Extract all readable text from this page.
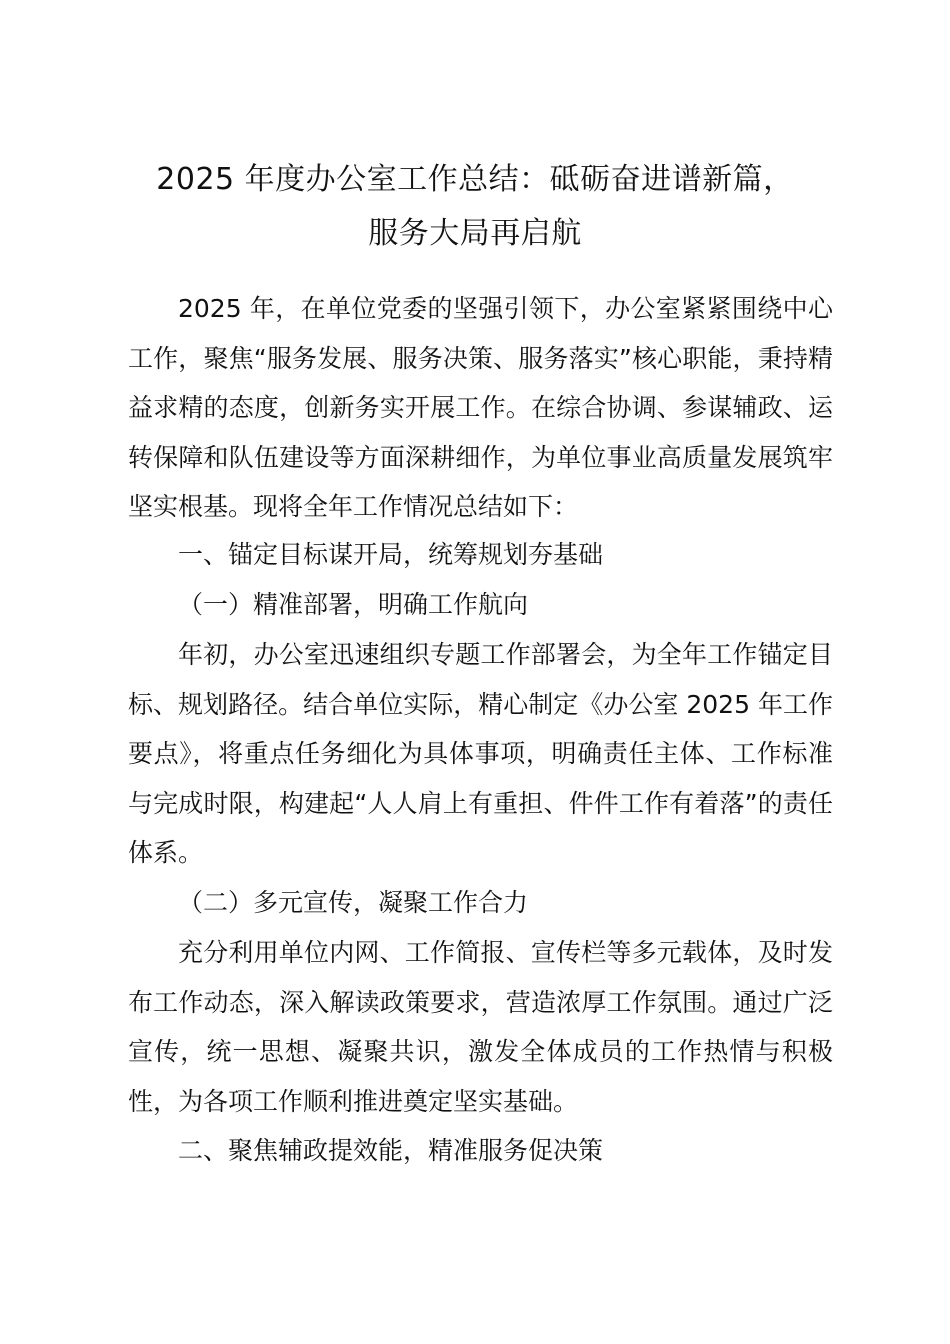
2025 年度办公室工作总结：砥砺奋进谱新篇，
服务大局再启航

2025 年，在单位党委的坚强引领下，办公室紧紧围绕中心工作，聚焦“服务发展、服务决策、服务落实”核心职能，秉持精益求精的态度，创新务实开展工作。在综合协调、参谋辅政、运转保障和队伍建设等方面深耕细作，为单位事业高质量发展筑牢坚实根基。现将全年工作情况总结如下：

一、锚定目标谋开局，统筹规划夯基础

（一）精准部署，明确工作航向

年初，办公室迅速组织专题工作部署会，为全年工作锚定目标、规划路径。结合单位实际，精心制定《办公室 2025 年工作要点》，将重点任务细化为具体事项，明确责任主体、工作标准与完成时限，构建起“人人肩上有重担、件件工作有着落”的责任体系。

（二）多元宣传，凝聚工作合力

充分利用单位内网、工作简报、宣传栏等多元载体，及时发布工作动态，深入解读政策要求，营造浓厚工作氛围。通过广泛宣传，统一思想、凝聚共识，激发全体成员的工作热情与积极性，为各项工作顺利推进奠定坚实基础。

二、聚焦辅政提效能，精准服务促决策
